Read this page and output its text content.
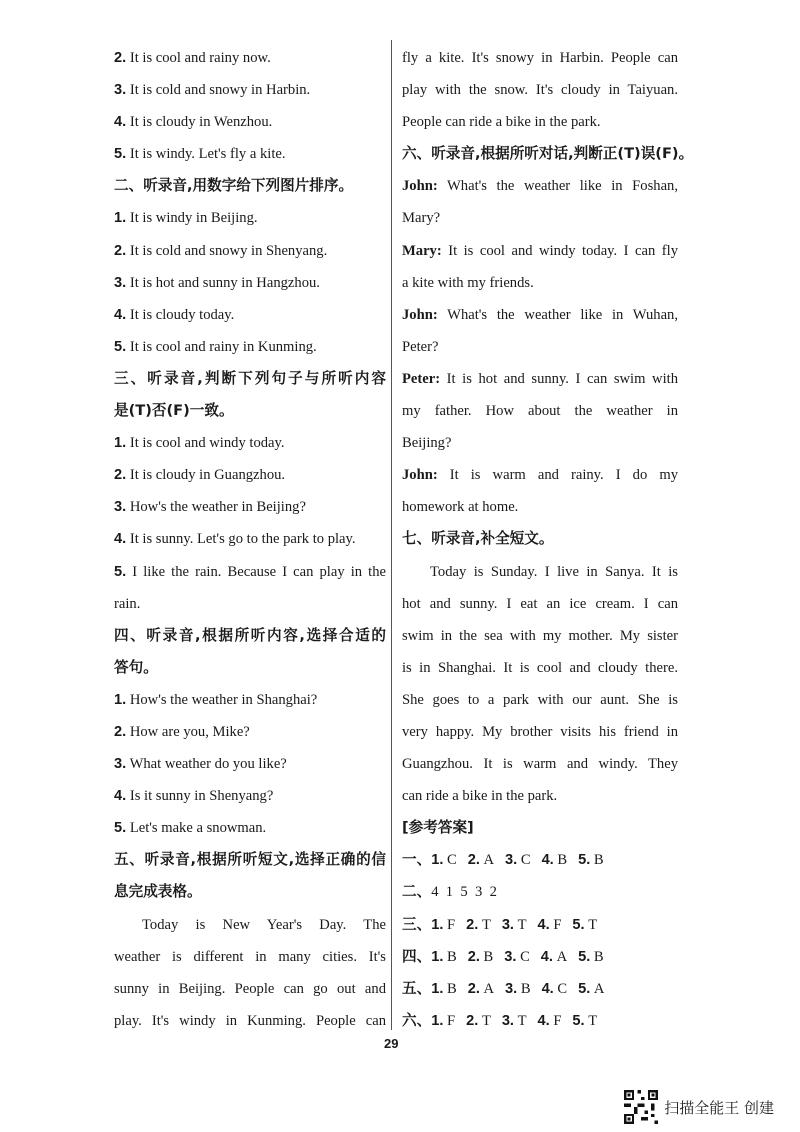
2. It is cool and rainy now.
3. It is cold and snowy in Harbin.
4. It is cloudy in Wenzhou.
5. It is windy. Let's fly a kite.
二、听录音,用数字给下列图片排序。
1. It is windy in Beijing.
2. It is cold and snowy in Shenyang.
3. It is hot and sunny in Hangzhou.
4. It is cloudy today.
5. It is cool and rainy in Kunming.
三、听录音,判断下列句子与所听内容
是(T)否(F)一致。
1. It is cool and windy today.
2. It is cloudy in Guangzhou.
3. How's the weather in Beijing?
4. It is sunny. Let's go to the park to play.
5. I like the rain. Because I can play in the
rain.
四、听录音,根据所听内容,选择合适的
答句。
1. How's the weather in Shanghai?
2. How are you, Mike?
3. What weather do you like?
4. Is it sunny in Shenyang?
5. Let's make a snowman.
五、听录音,根据所听短文,选择正确的信
息完成表格。
Today is New Year's Day. The
weather is different in many cities. It's
sunny in Beijing. People can go out and
play. It's windy in Kunming. People can
fly a kite. It's snowy in Harbin. People can
play with the snow. It's cloudy in Taiyuan.
People can ride a bike in the park.
六、听录音,根据所听对话,判断正(T)误(F)。
John: What's the weather like in Foshan,
Mary?
Mary: It is cool and windy today. I can fly
a kite with my friends.
John: What's the weather like in Wuhan,
Peter?
Peter: It is hot and sunny. I can swim with
my father. How about the weather in
Beijing?
John: It is warm and rainy. I do my
homework at home.
七、听录音,补全短文。
Today is Sunday. I live in Sanya. It is
hot and sunny. I eat an ice cream. I can
swim in the sea with my mother. My sister
is in Shanghai. It is cool and cloudy there.
She goes to a park with our aunt. She is
very happy. My brother visits his friend in
Guangzhou. It is warm and windy. They
can ride a bike in the park.
[参考答案]
一、1. C 2. A 3. C 4. B 5. B
二、4  1  5  3  2
三、1. F 2. T 3. T 4. F 5. T
四、1. B 2. B 3. C 4. A 5. B
五、1. B 2. A 3. B 4. C 5. A
六、1. F 2. T 3. T 4. F 5. T
29
扫描全能王 创建
